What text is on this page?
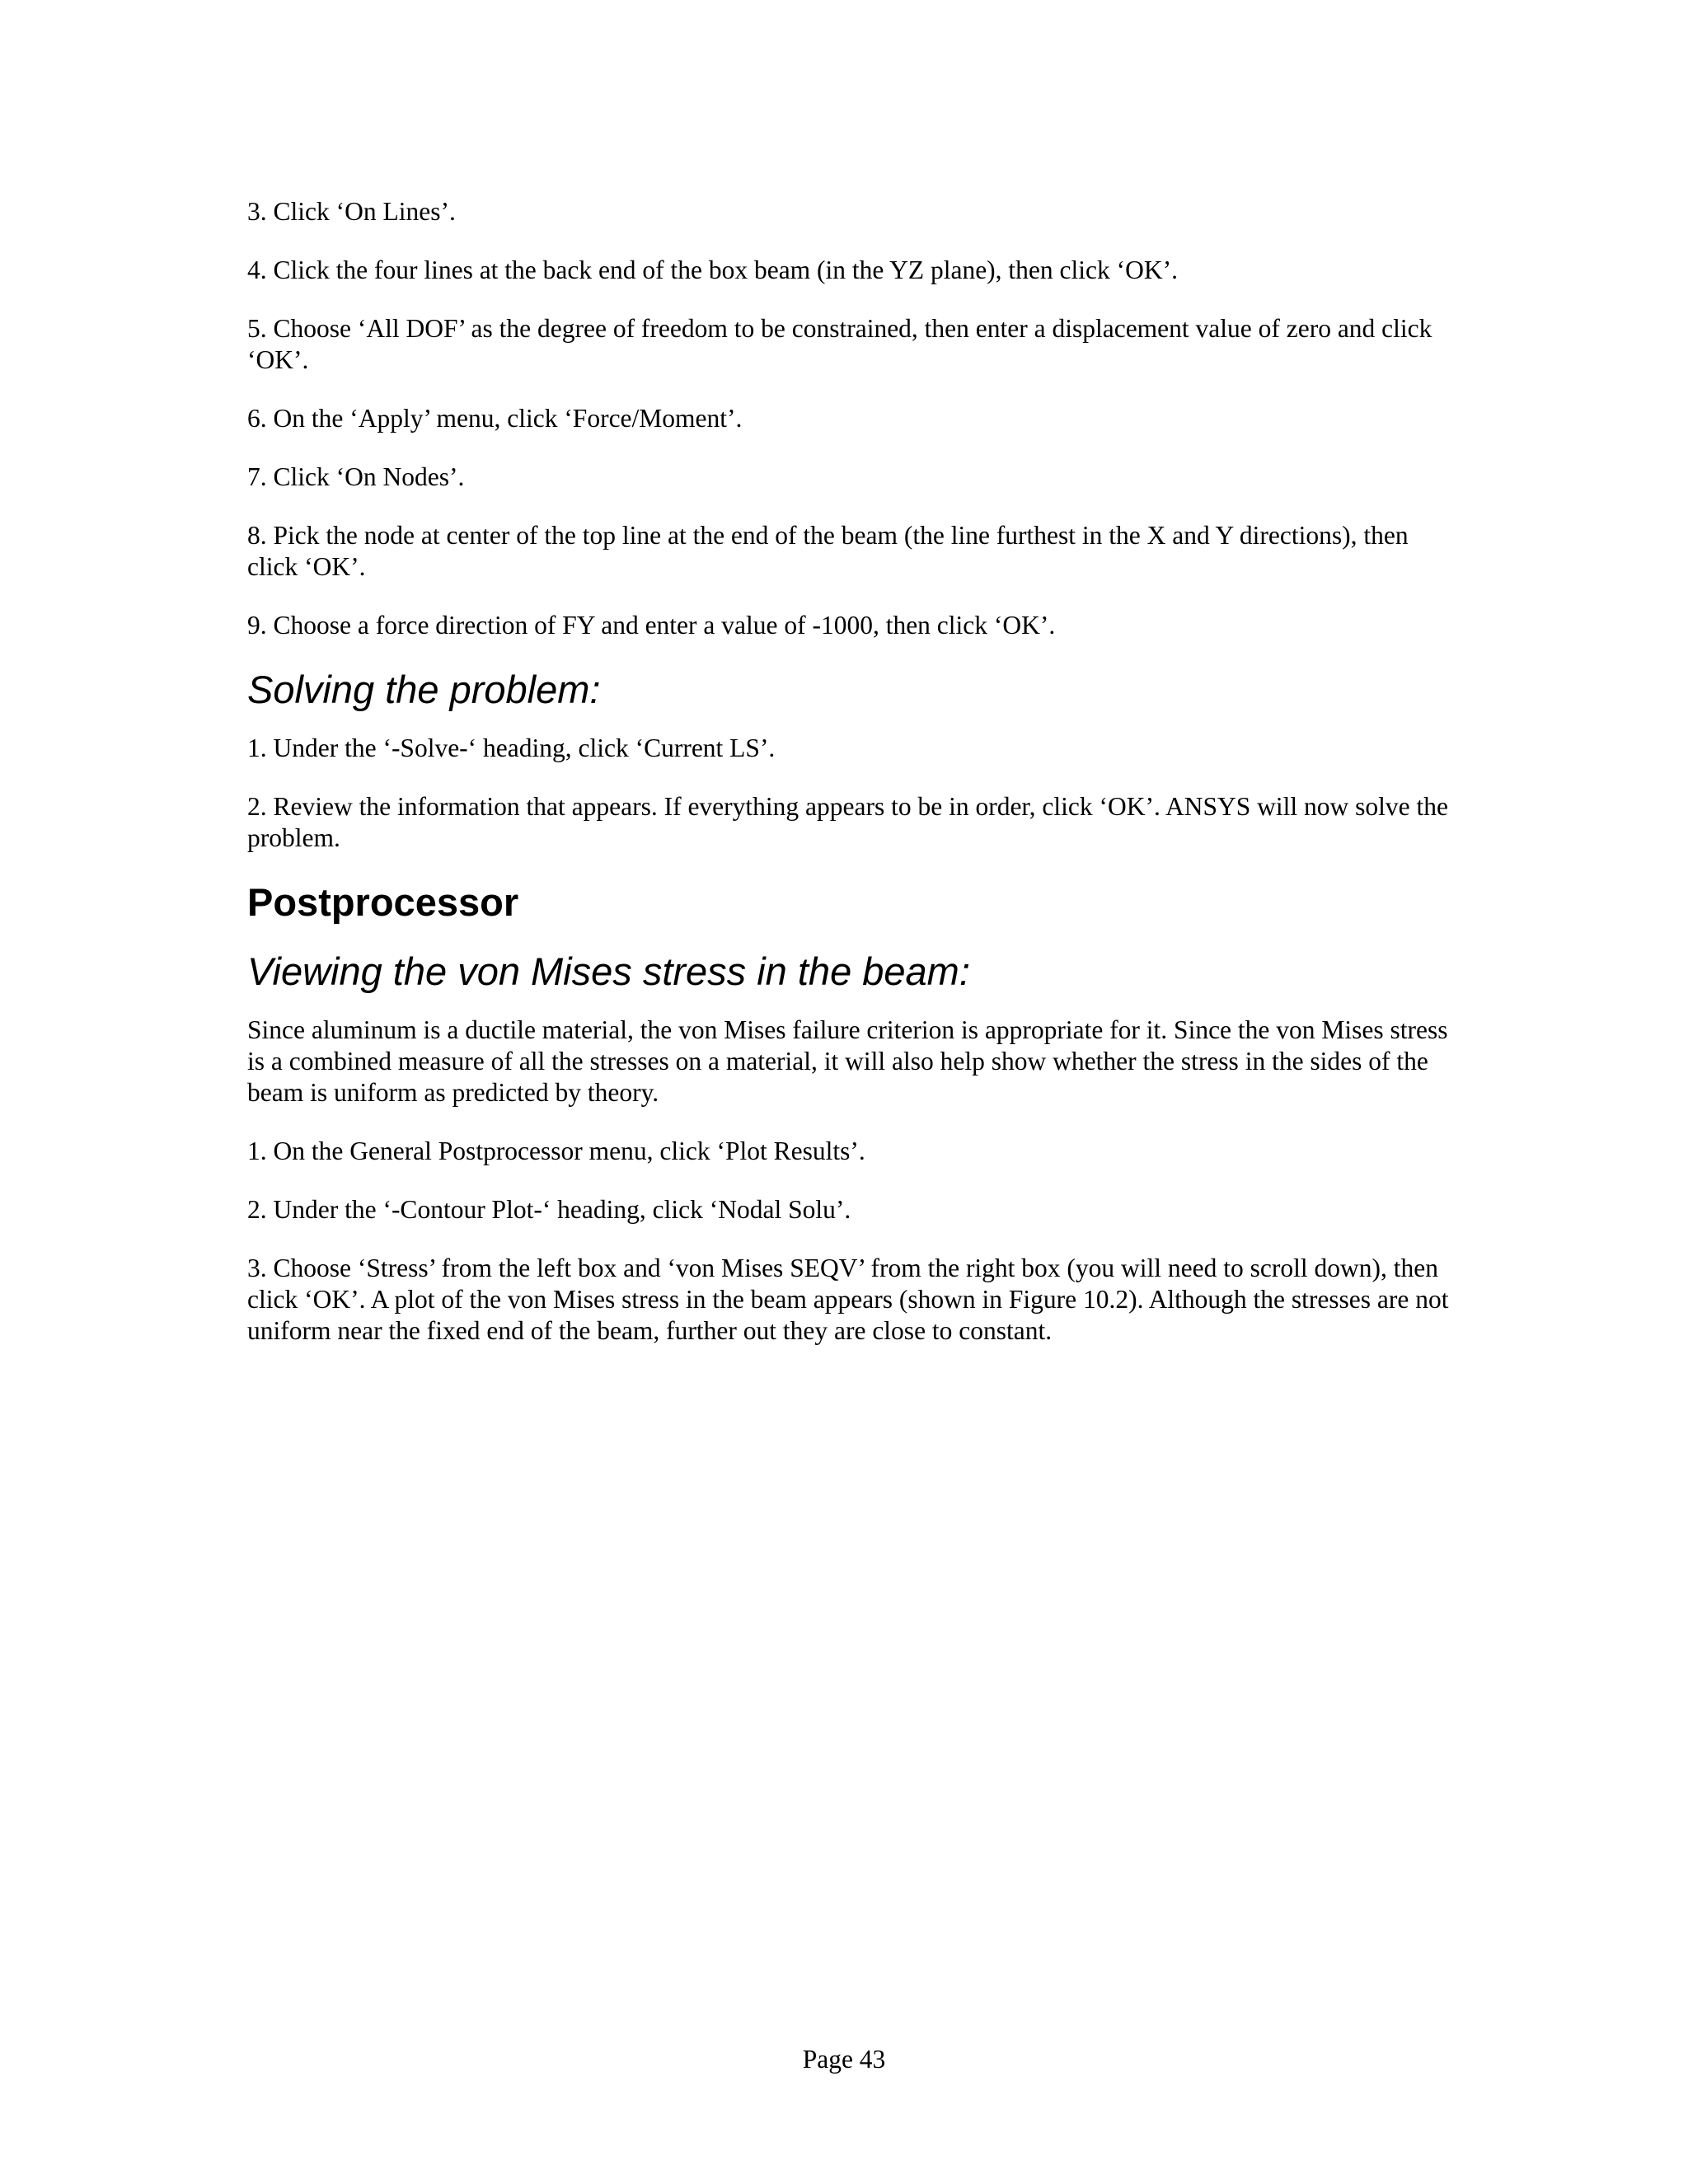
3. Click ‘On Lines’.

4. Click the four lines at the back end of the box beam (in the YZ plane), then click ‘OK’.

5. Choose ‘All DOF’ as the degree of freedom to be constrained, then enter a displacement value of zero and click ‘OK’.

6. On the ‘Apply’ menu, click ‘Force/Moment’.

7. Click ‘On Nodes’.

8. Pick the node at center of the top line at the end of the beam (the line furthest in the X and Y directions), then click ‘OK’.

9. Choose a force direction of FY and enter a value of -1000, then click ‘OK’.

Solving the problem:

1. Under the ‘-Solve-‘ heading, click ‘Current LS’.

2. Review the information that appears. If everything appears to be in order, click ‘OK’. ANSYS will now solve the problem.

Postprocessor
Viewing the von Mises stress in the beam:

Since aluminum is a ductile material, the von Mises failure criterion is appropriate for it. Since the von Mises stress is a combined measure of all the stresses on a material, it will also help show whether the stress in the sides of the beam is uniform as predicted by theory.

1. On the General Postprocessor menu, click ‘Plot Results’.

2. Under the ‘-Contour Plot-‘ heading, click ‘Nodal Solu’.

3. Choose ‘Stress’ from the left box and ‘von Mises SEQV’ from the right box (you will need to scroll down), then click ‘OK’. A plot of the von Mises stress in the beam appears (shown in Figure 10.2). Although the stresses are not uniform near the fixed end of the beam, further out they are close to constant.

Page 43
